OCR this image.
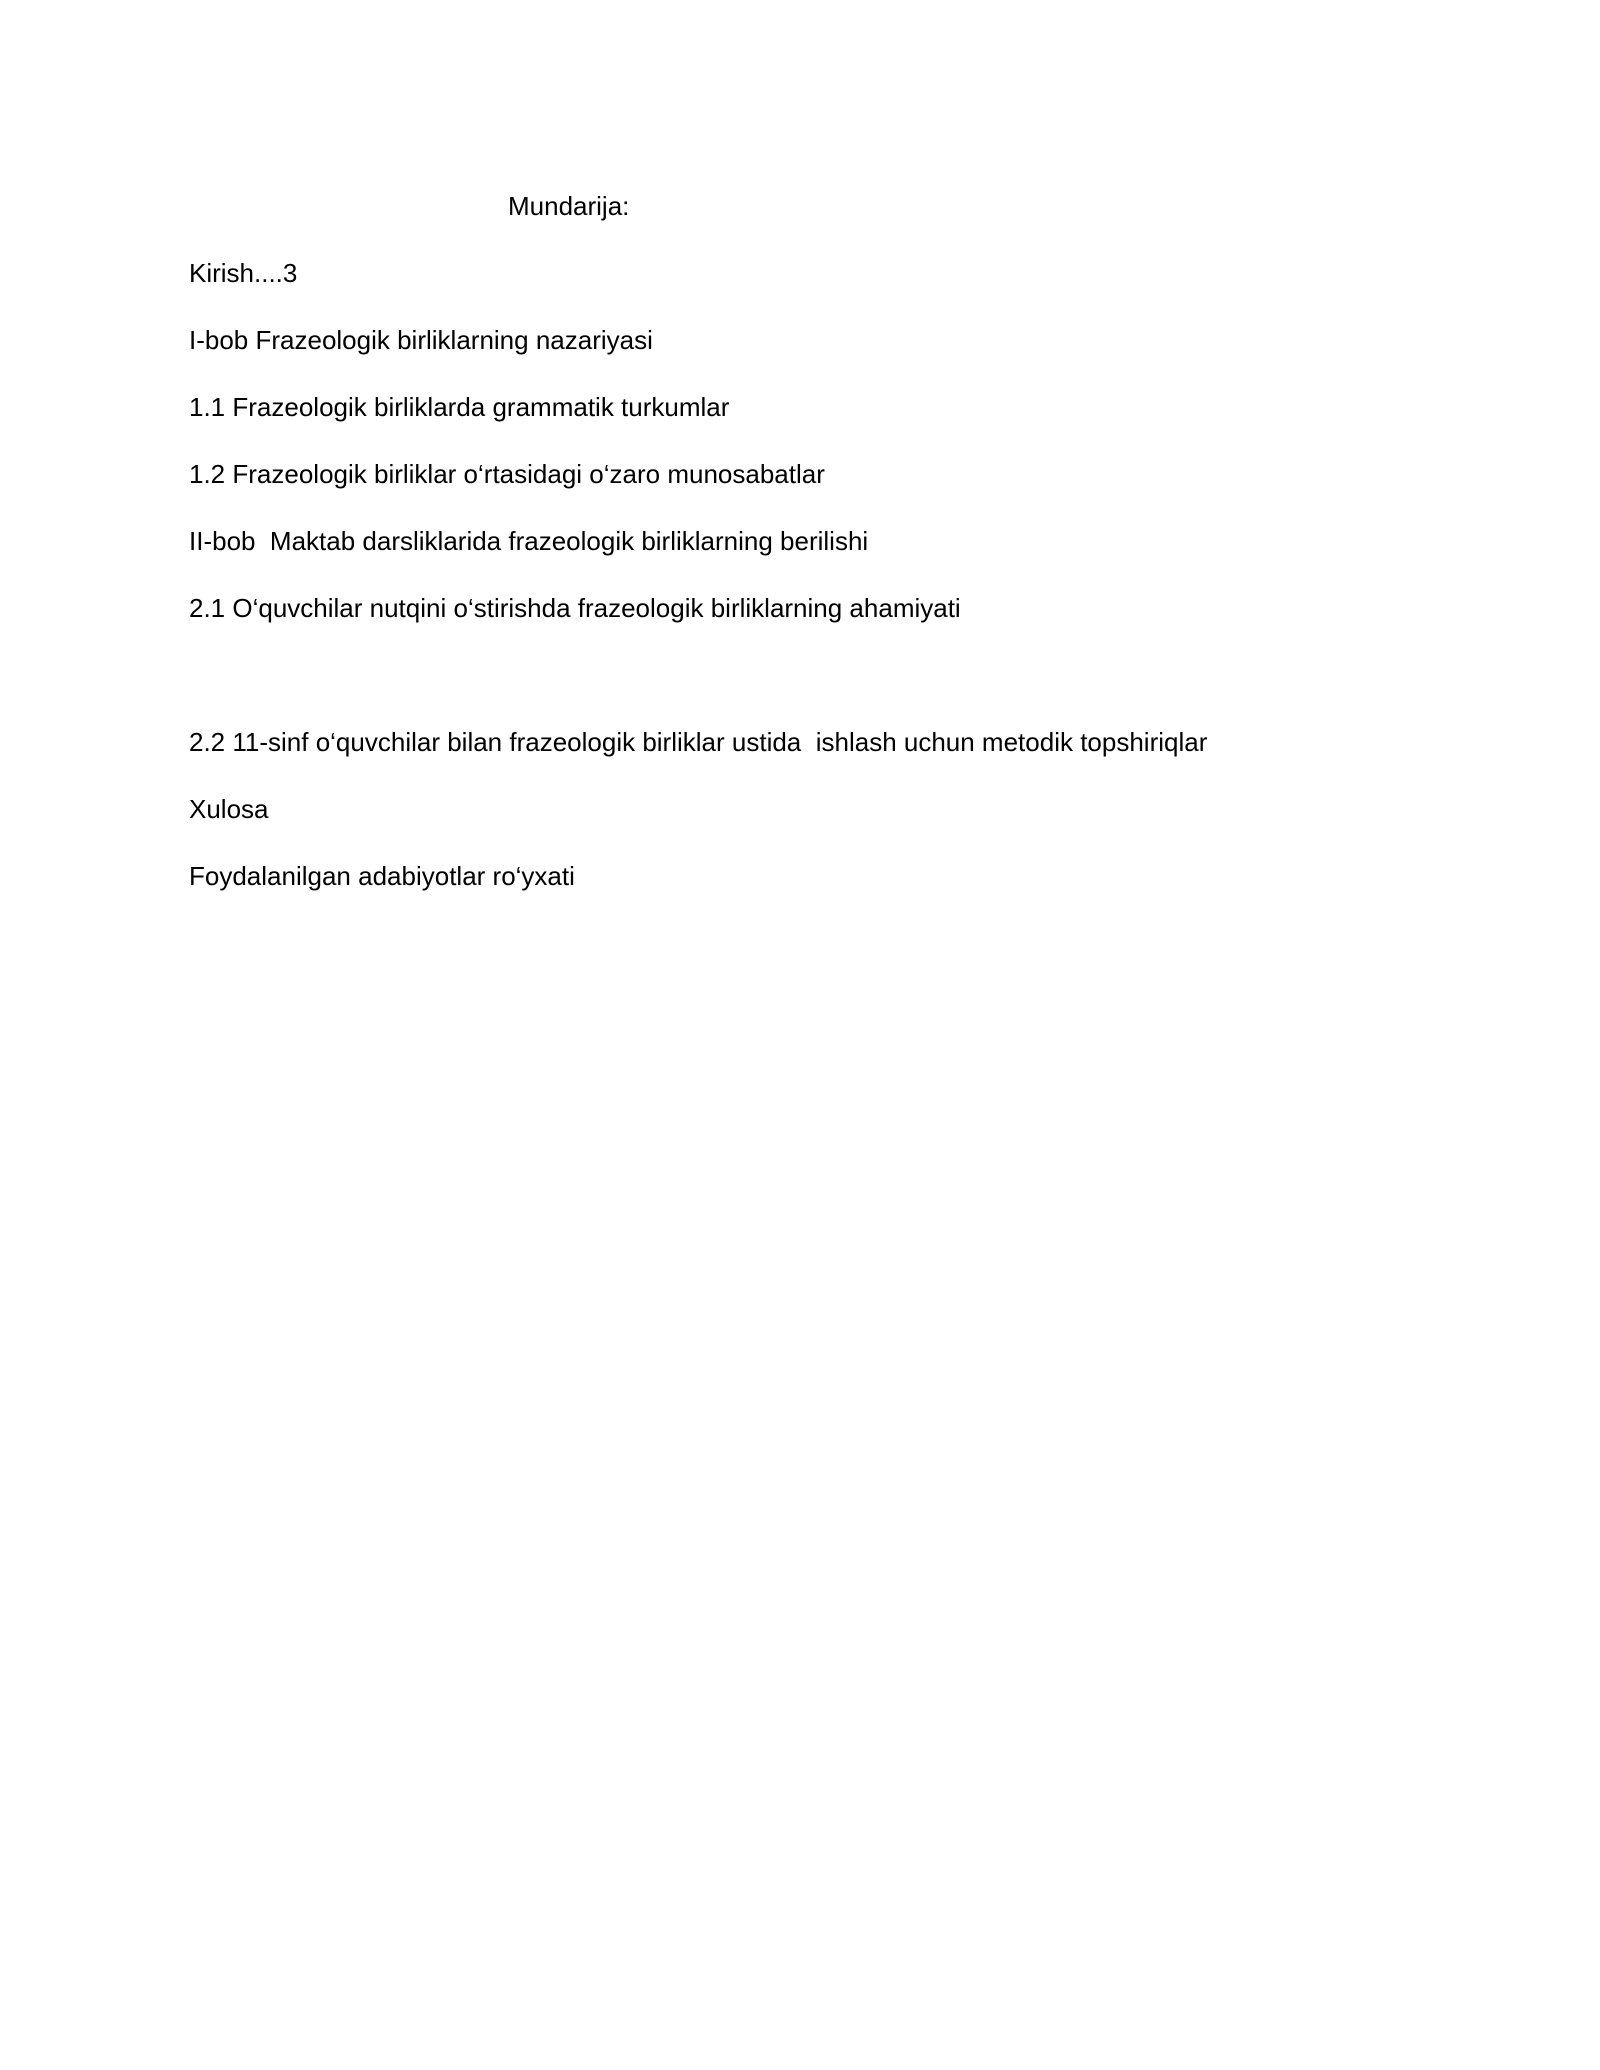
Mundarija:
Kirish....3
I-bob Frazeologik birliklarning nazariyasi
1.1 Frazeologik birliklarda grammatik turkumlar
1.2 Frazeologik birliklar o‘rtasidagi o‘zaro munosabatlar
II-bob  Maktab darsliklarida frazeologik birliklarning berilishi
2.1 O‘quvchilar nutqini o‘stirishda frazeologik birliklarning ahamiyati
2.2 11-sinf o‘quvchilar bilan frazeologik birliklar ustida  ishlash uchun metodik topshiriqlar
Xulosa
Foydalanilgan adabiyotlar ro‘yxati
